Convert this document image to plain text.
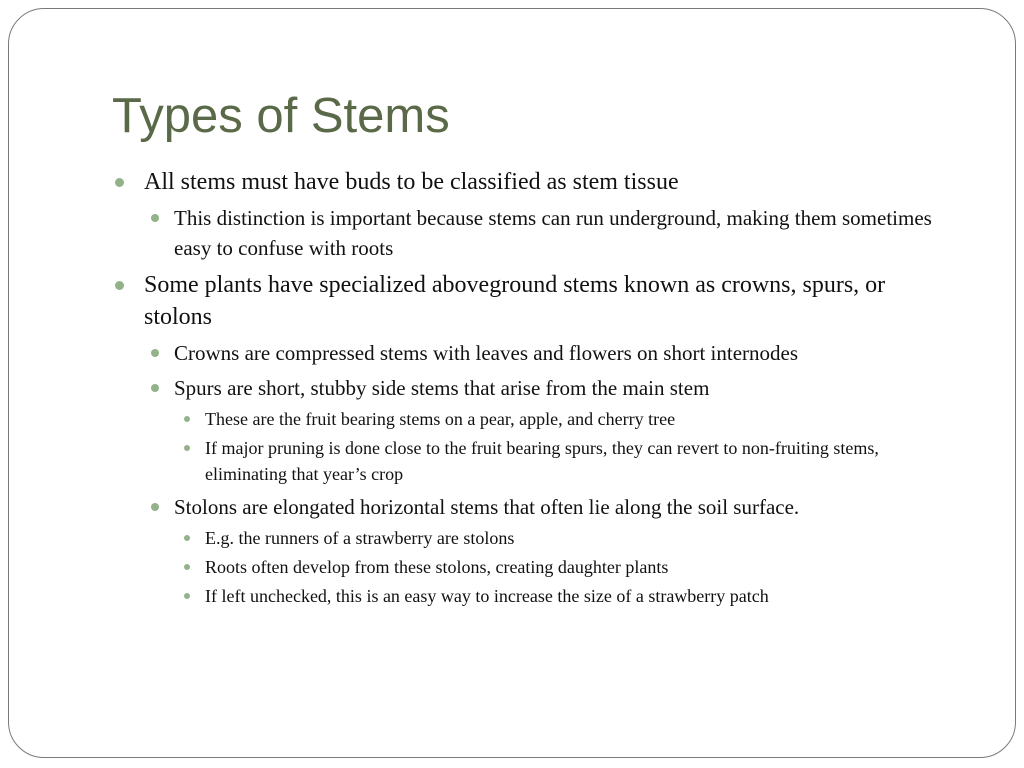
Types of Stems
All stems must have buds to be classified as stem tissue
This distinction is important because stems can run underground, making them sometimes easy to confuse with roots
Some plants have specialized aboveground stems known as crowns, spurs, or stolons
Crowns are compressed stems with leaves and flowers on short internodes
Spurs are short, stubby side stems that arise from the main stem
These are the fruit bearing stems on a pear, apple, and cherry tree
If major pruning is done close to the fruit bearing spurs, they can revert to non-fruiting stems, eliminating that year’s crop
Stolons are elongated horizontal stems that often lie along the soil surface.
E.g. the runners of a strawberry are stolons
Roots often develop from these stolons, creating daughter plants
If left unchecked, this is an easy way to increase the size of a strawberry patch
